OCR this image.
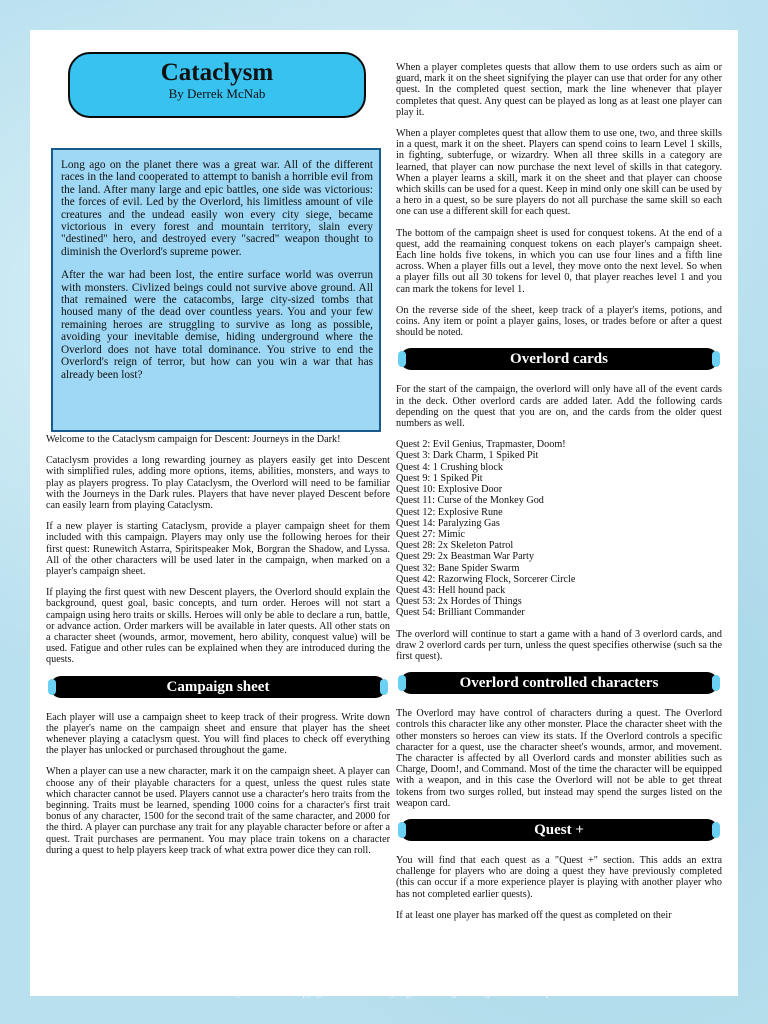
Cataclysm
By Derrek McNab

Long ago on the planet there was a great war. All of the different races in the land cooperated to attempt to banish a horrible evil from the land. After many large and epic battles, one side was victorious: the forces of evil. Led by the Overlord, his limitless amount of vile creatures and the undead easily won every city siege, became victorious in every forest and mountain territory, slain every "destined" hero, and destroyed every "sacred" weapon thought to diminish the Overlord's supreme power.

After the war had been lost, the entire surface world was overrun with monsters. Civlized beings could not survive above ground. All that remained were the catacombs, large city-sized tombs that housed many of the dead over countless years. You and your few remaining heroes are struggling to survive as long as possible, avoiding your inevitable demise, hiding underground where the Overlord does not have total dominance. You strive to end the Overlord's reign of terror, but how can you win a war that has already been lost?

Welcome to the Cataclysm campaign for Descent: Journeys in the Dark!

Cataclysm provides a long rewarding journey as players easily get into Descent with simplified rules, adding more options, items, abilities, monsters, and ways to play as players progress. To play Cataclysm, the Overlord will need to be familiar with the Journeys in the Dark rules. Players that have never played Descent before can easily learn from playing Cataclysm.

If a new player is starting Cataclysm, provide a player campaign sheet for them included with this campaign. Players may only use the following heroes for their first quest: Runewitch Astarra, Spiritspeaker Mok, Borgran the Shadow, and Lyssa. All of the other characters will be used later in the campaign, when marked on a player's campaign sheet.

If playing the first quest with new Descent players, the Overlord should explain the background, quest goal, basic concepts, and turn order. Heroes will not start a campaign using hero traits or skills. Heroes will only be able to declare a run, battle, or advance action. Order markers will be available in later quests. All other stats on a character sheet (wounds, armor, movement, hero ability, conquest value) will be used. Fatigue and other rules can be explained when they are introduced during the quests.

Campaign sheet

Each player will use a campaign sheet to keep track of their progress. Write down the player's name on the campaign sheet and ensure that player has the sheet whenever playing a cataclysm quest. You will find places to check off everything the player has unlocked or purchased throughout the game.

When a player can use a new character, mark it on the campaign sheet. A player can choose any of their playable characters for a quest, unless the quest rules state which character cannot be used. Players cannot use a character's hero traits from the beginning. Traits must be learned, spending 1000 coins for a character's first trait bonus of any character, 1500 for the second trait of the same character, and 2000 for the third. A player can purchase any trait for any playable character before or after a quest. Trait purchases are permanent. You may place train tokens on a character during a quest to help players keep track of what extra power dice they can roll.

When a player completes quests that allow them to use orders such as aim or guard, mark it on the sheet signifying the player can use that order for any other quest. In the completed quest section, mark the line whenever that player completes that quest. Any quest can be played as long as at least one player can play it.

When a player completes quest that allow them to use one, two, and three skills in a quest, mark it on the sheet. Players can spend coins to learn Level 1 skills, in fighting, subterfuge, or wizardry. When all three skills in a category are learned, that player can now purchase the next level of skills in that category. When a player learns a skill, mark it on the sheet and that player can choose which skills can be used for a quest. Keep in mind only one skill can be used by a hero in a quest, so be sure players do not all purchase the same skill so each one can use a different skill for each quest.

The bottom of the campaign sheet is used for conquest tokens. At the end of a quest, add the reamaining conquest tokens on each player's campaign sheet. Each line holds five tokens, in which you can use four lines and a fifth line across. When a player fills out a level, they move onto the next level. So when a player fills out all 30 tokens for level 0, that player reaches level 1 and you can mark the tokens for level 1.

On the reverse side of the sheet, keep track of a player's items, potions, and coins. Any item or point a player gains, loses, or trades before or after a quest should be noted.

Overlord cards

For the start of the campaign, the overlord will only have all of the event cards in the deck. Other overlord cards are added later. Add the following cards depending on the quest that you are on, and the cards from the older quest numbers as well.

Quest 2: Evil Genius, Trapmaster, Doom!
Quest 3: Dark Charm, 1 Spiked Pit
Quest 4: 1 Crushing block
Quest 9: 1 Spiked Pit
Quest 10: Explosive Door
Quest 11: Curse of the Monkey God
Quest 12: Explosive Rune
Quest 14: Paralyzing Gas
Quest 27: Mimic
Quest 28: 2x Skeleton Patrol
Quest 29: 2x Beastman War Party
Quest 32: Bane Spider Swarm
Quest 42: Razorwing Flock, Sorcerer Circle
Quest 43: Hell hound pack
Quest 53: 2x Hordes of Things
Quest 54: Brilliant Commander

The overlord will continue to start a game with a hand of 3 overlord cards, and draw 2 overlord cards per turn, unless the quest specifies otherwise (such sa the first quest).

Overlord controlled characters

The Overlord may have control of characters during a quest. The Overlord controls this character like any other monster. Place the character sheet with the other monsters so heroes can view its stats. If the Overlord controls a specific character for a quest, use the character sheet's wounds, armor, and movement. The character is affected by all Overlord cards and monster abilities such as Charge, Doom!, and Command. Most of the time the character will be equipped with a weapon, and in this case the Overlord will not be able to get threat tokens from two surges rolled, but instead may spend the surges listed on the weapon card.

Quest +

You will find that each quest as a "Quest +" section. This adds an extra challenge for players who are doing a quest they have previously completed (this can occur if a more experience player is playing with another player who has not completed earlier quests).

If at least one player has marked off the quest as completed on their

Descent: Journeys in the Dark is copyright 2005-2006 Fantasy Flight Publishing. All images are used with permission.
